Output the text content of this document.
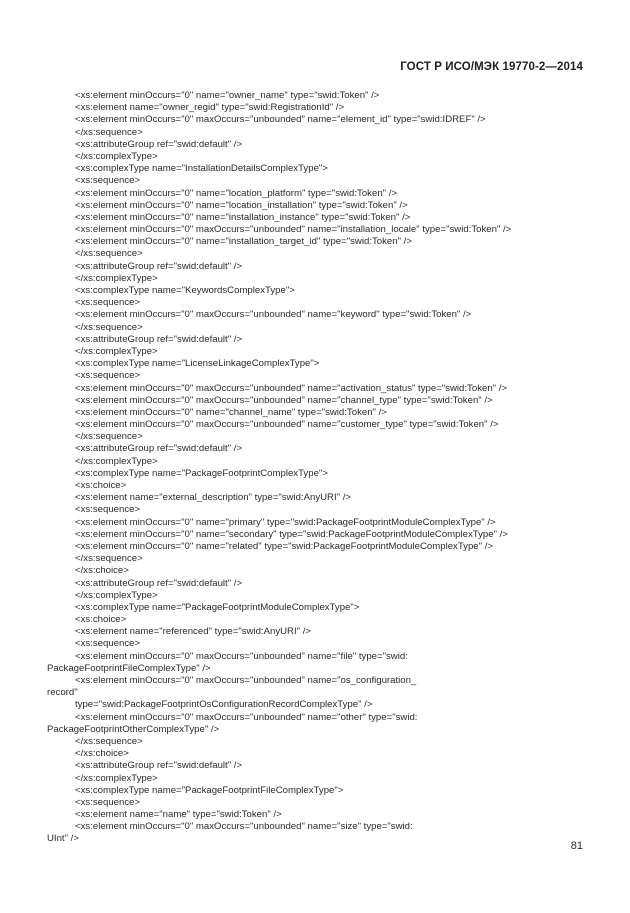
ГОСТ Р ИСО/МЭК 19770-2—2014
<xs:element minOccurs="0" name="owner_name" type="swid:Token" />
<xs:element name="owner_regid" type="swid:RegistrationId" />
<xs:element minOccurs="0" maxOccurs="unbounded" name="element_id" type="swid:IDREF" />
</xs:sequence>
<xs:attributeGroup ref="swid:default" />
</xs:complexType>
<xs:complexType name="InstallationDetailsComplexType">
<xs:sequence>
<xs:element minOccurs="0" name="location_platform" type="swid:Token" />
<xs:element minOccurs="0" name="location_installation" type="swid:Token" />
<xs:element minOccurs="0" name="installation_instance" type="swid:Token" />
<xs:element minOccurs="0" maxOccurs="unbounded" name="installation_locale" type="swid:Token" />
<xs:element minOccurs="0" name="installation_target_id" type="swid:Token" />
</xs:sequence>
<xs:attributeGroup ref="swid:default" />
</xs:complexType>
<xs:complexType name="KeywordsComplexType">
<xs:sequence>
<xs:element minOccurs="0" maxOccurs="unbounded" name="keyword" type="swid:Token" />
</xs:sequence>
<xs:attributeGroup ref="swid:default" />
</xs:complexType>
<xs:complexType name="LicenseLinkageComplexType">
<xs:sequence>
<xs:element minOccurs="0" maxOccurs="unbounded" name="activation_status" type="swid:Token" />
<xs:element minOccurs="0" maxOccurs="unbounded" name="channel_type" type="swid:Token" />
<xs:element minOccurs="0" name="channel_name" type="swid:Token" />
<xs:element minOccurs="0" maxOccurs="unbounded" name="customer_type" type="swid:Token" />
</xs:sequence>
<xs:attributeGroup ref="swid:default" />
</xs:complexType>
<xs:complexType name="PackageFootprintComplexType">
<xs:choice>
<xs:element name="external_description" type="swid:AnyURI" />
<xs:sequence>
<xs:element minOccurs="0" name="primary" type="swid:PackageFootprintModuleComplexType" />
<xs:element minOccurs="0" name="secondary" type="swid:PackageFootprintModuleComplexType" />
<xs:element minOccurs="0" name="related" type="swid:PackageFootprintModuleComplexType" />
</xs:sequence>
</xs:choice>
<xs:attributeGroup ref="swid:default" />
</xs:complexType>
<xs:complexType name="PackageFootprintModuleComplexType">
<xs:choice>
<xs:element name="referenced" type="swid:AnyURI" />
<xs:sequence>
<xs:element minOccurs="0" maxOccurs="unbounded" name="file" type="swid:
PackageFootprintFileComplexType" />
<xs:element minOccurs="0" maxOccurs="unbounded" name="os_configuration_
record"
type="swid:PackageFootprintOsConfigurationRecordComplexType" />
<xs:element minOccurs="0" maxOccurs="unbounded" name="other" type="swid:
PackageFootprintOtherComplexType" />
</xs:sequence>
</xs:choice>
<xs:attributeGroup ref="swid:default" />
</xs:complexType>
<xs:complexType name="PackageFootprintFileComplexType">
<xs:sequence>
<xs:element name="name" type="swid:Token" />
<xs:element minOccurs="0" maxOccurs="unbounded" name="size" type="swid:
UInt" />
81
